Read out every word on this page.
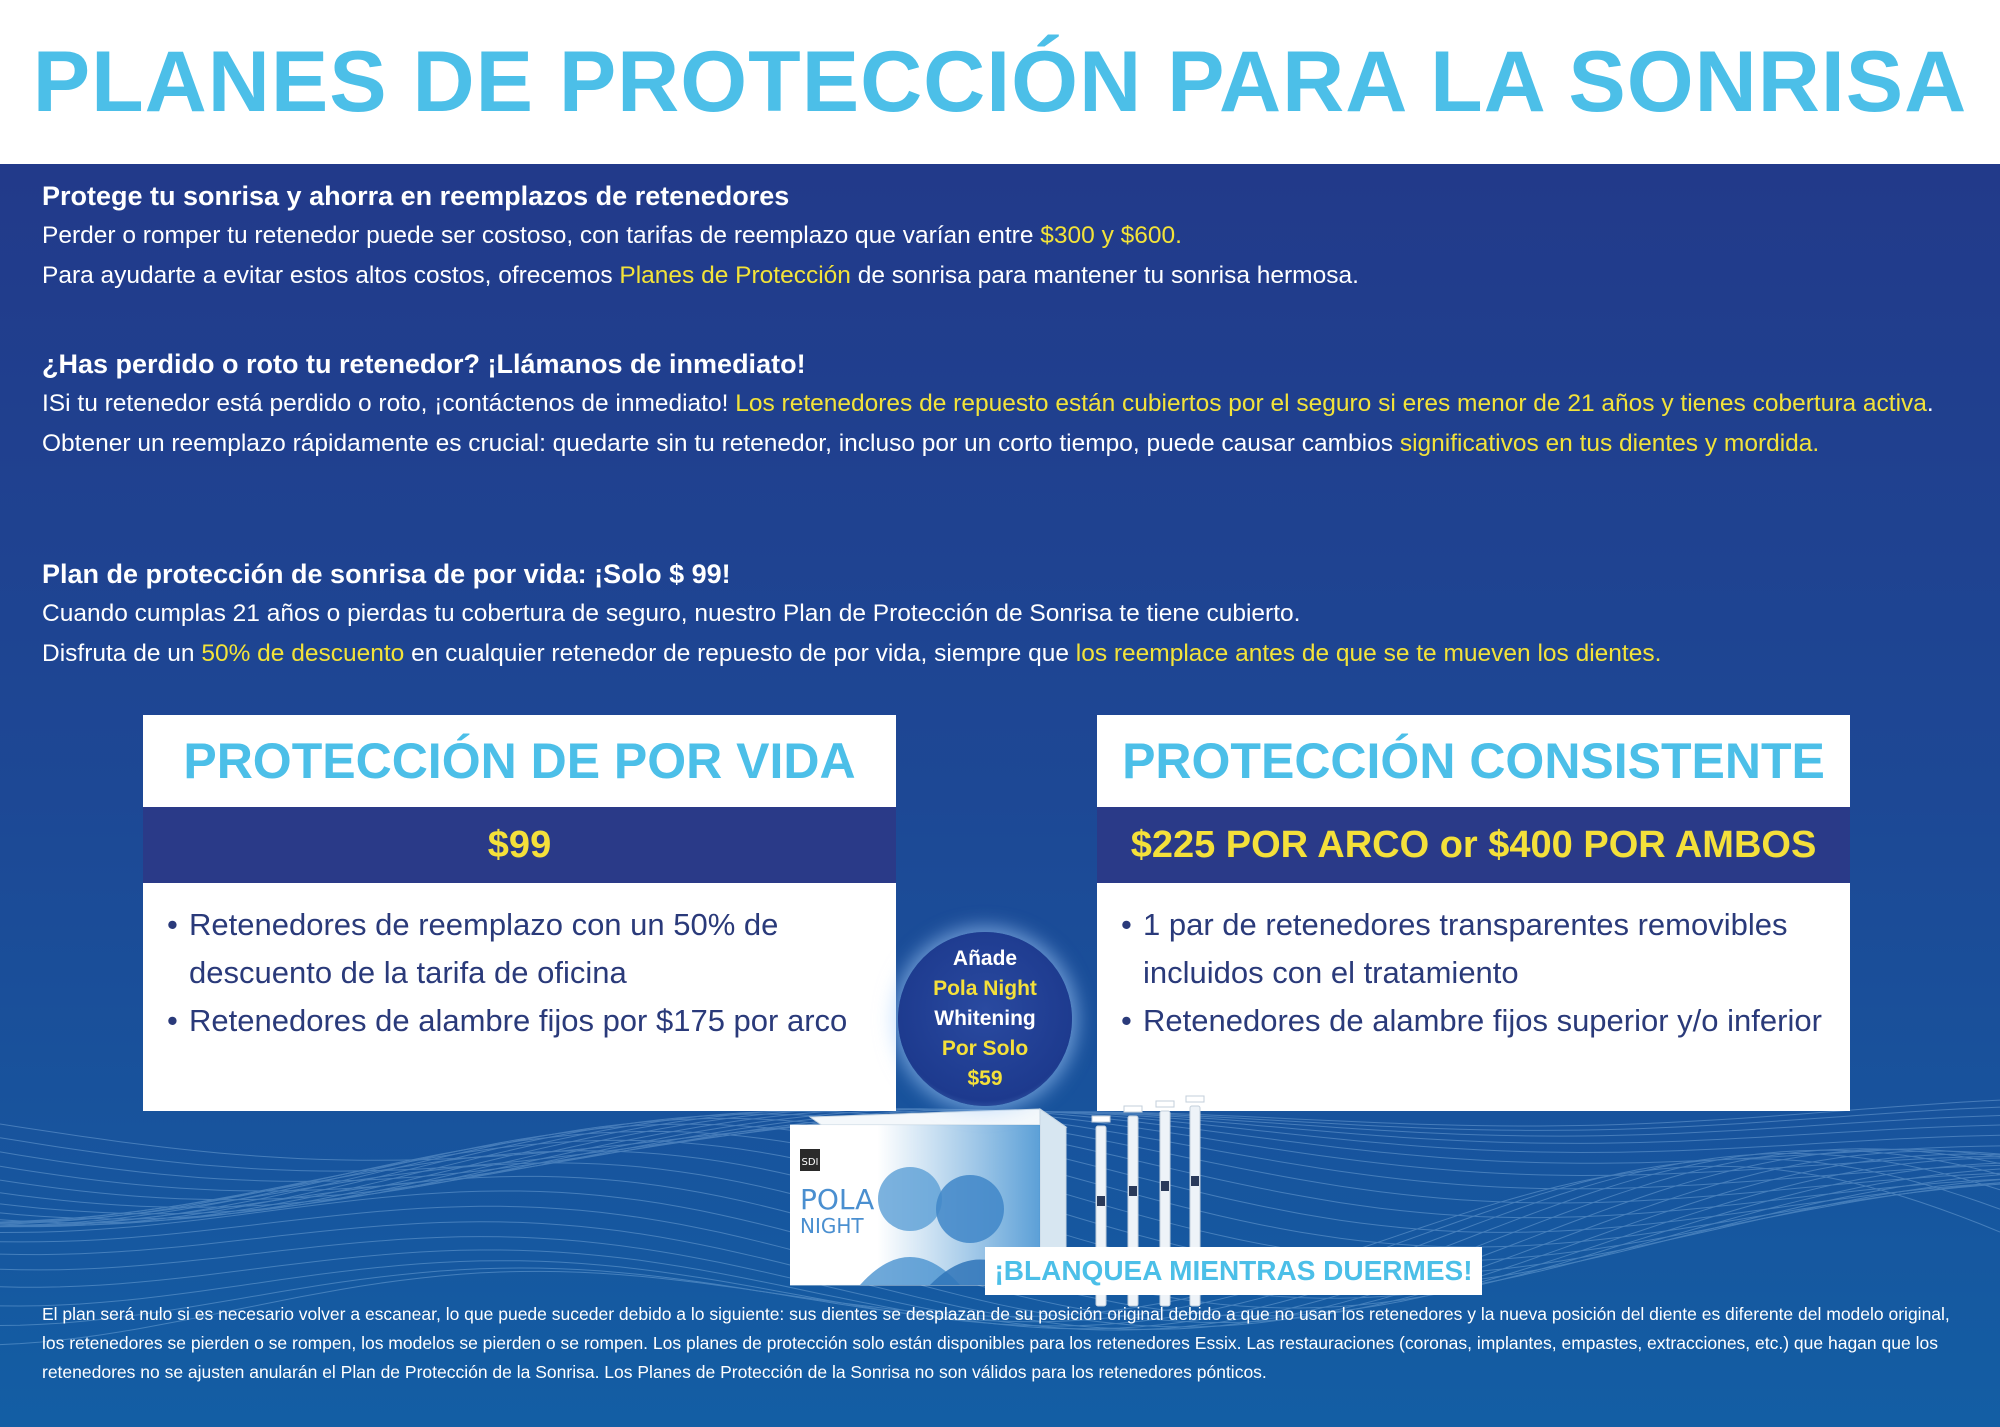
PLANES DE PROTECCIÓN PARA LA SONRISA

Protege tu sonrisa y ahorra en reemplazos de retenedores

Perder o romper tu retenedor puede ser costoso, con tarifas de reemplazo que varían entre $300 y $600.

Para ayudarte a evitar estos altos costos, ofrecemos Planes de Protección de sonrisa para mantener tu sonrisa hermosa.

¿Has perdido o roto tu retenedor? ¡Llámanos de inmediato!

ISi tu retenedor está perdido o roto, ¡contáctenos de inmediato! Los retenedores de repuesto están cubiertos por el seguro si eres menor de 21 años y tienes cobertura activa. Obtener un reemplazo rápidamente es crucial: quedarte sin tu retenedor, incluso por un corto tiempo, puede causar cambios significativos en tus dientes y mordida.

Plan de protección de sonrisa de por vida: ¡Solo $ 99!

Cuando cumplas 21 años o pierdas tu cobertura de seguro, nuestro Plan de Protección de Sonrisa te tiene cubierto.

Disfruta de un 50% de descuento en cualquier retenedor de repuesto de por vida, siempre que los reemplace antes de que se te mueven los dientes.

PROTECCIÓN DE POR VIDA
$99
• Retenedores de reemplazo con un 50% de descuento de la tarifa de oficina
• Retenedores de alambre fijos por $175 por arco
PROTECCIÓN CONSISTENTE
$225 POR ARCO or $400 POR AMBOS
• 1 par de retenedores transparentes removibles incluidos con el tratamiento
• Retenedores de alambre fijos superior y/o inferior
SDI
POLA
NIGHT
Añade
Pola Night
Whitening
Por Solo
$59
¡BLANQUEA MIENTRAS DUERMES!
El plan será nulo si es necesario volver a escanear, lo que puede suceder debido a lo siguiente: sus dientes se desplazan de su posición original debido a que no usan los retenedores y la nueva posición del diente es diferente del modelo original, los retenedores se pierden o se rompen, los modelos se pierden o se rompen. Los planes de protección solo están disponibles para los retenedores Essix. Las restauraciones (coronas, implantes, empastes, extracciones, etc.) que hagan que los retenedores no se ajusten anularán el Plan de Protección de la Sonrisa. Los Planes de Protección de la Sonrisa no son válidos para los retenedores pónticos.
